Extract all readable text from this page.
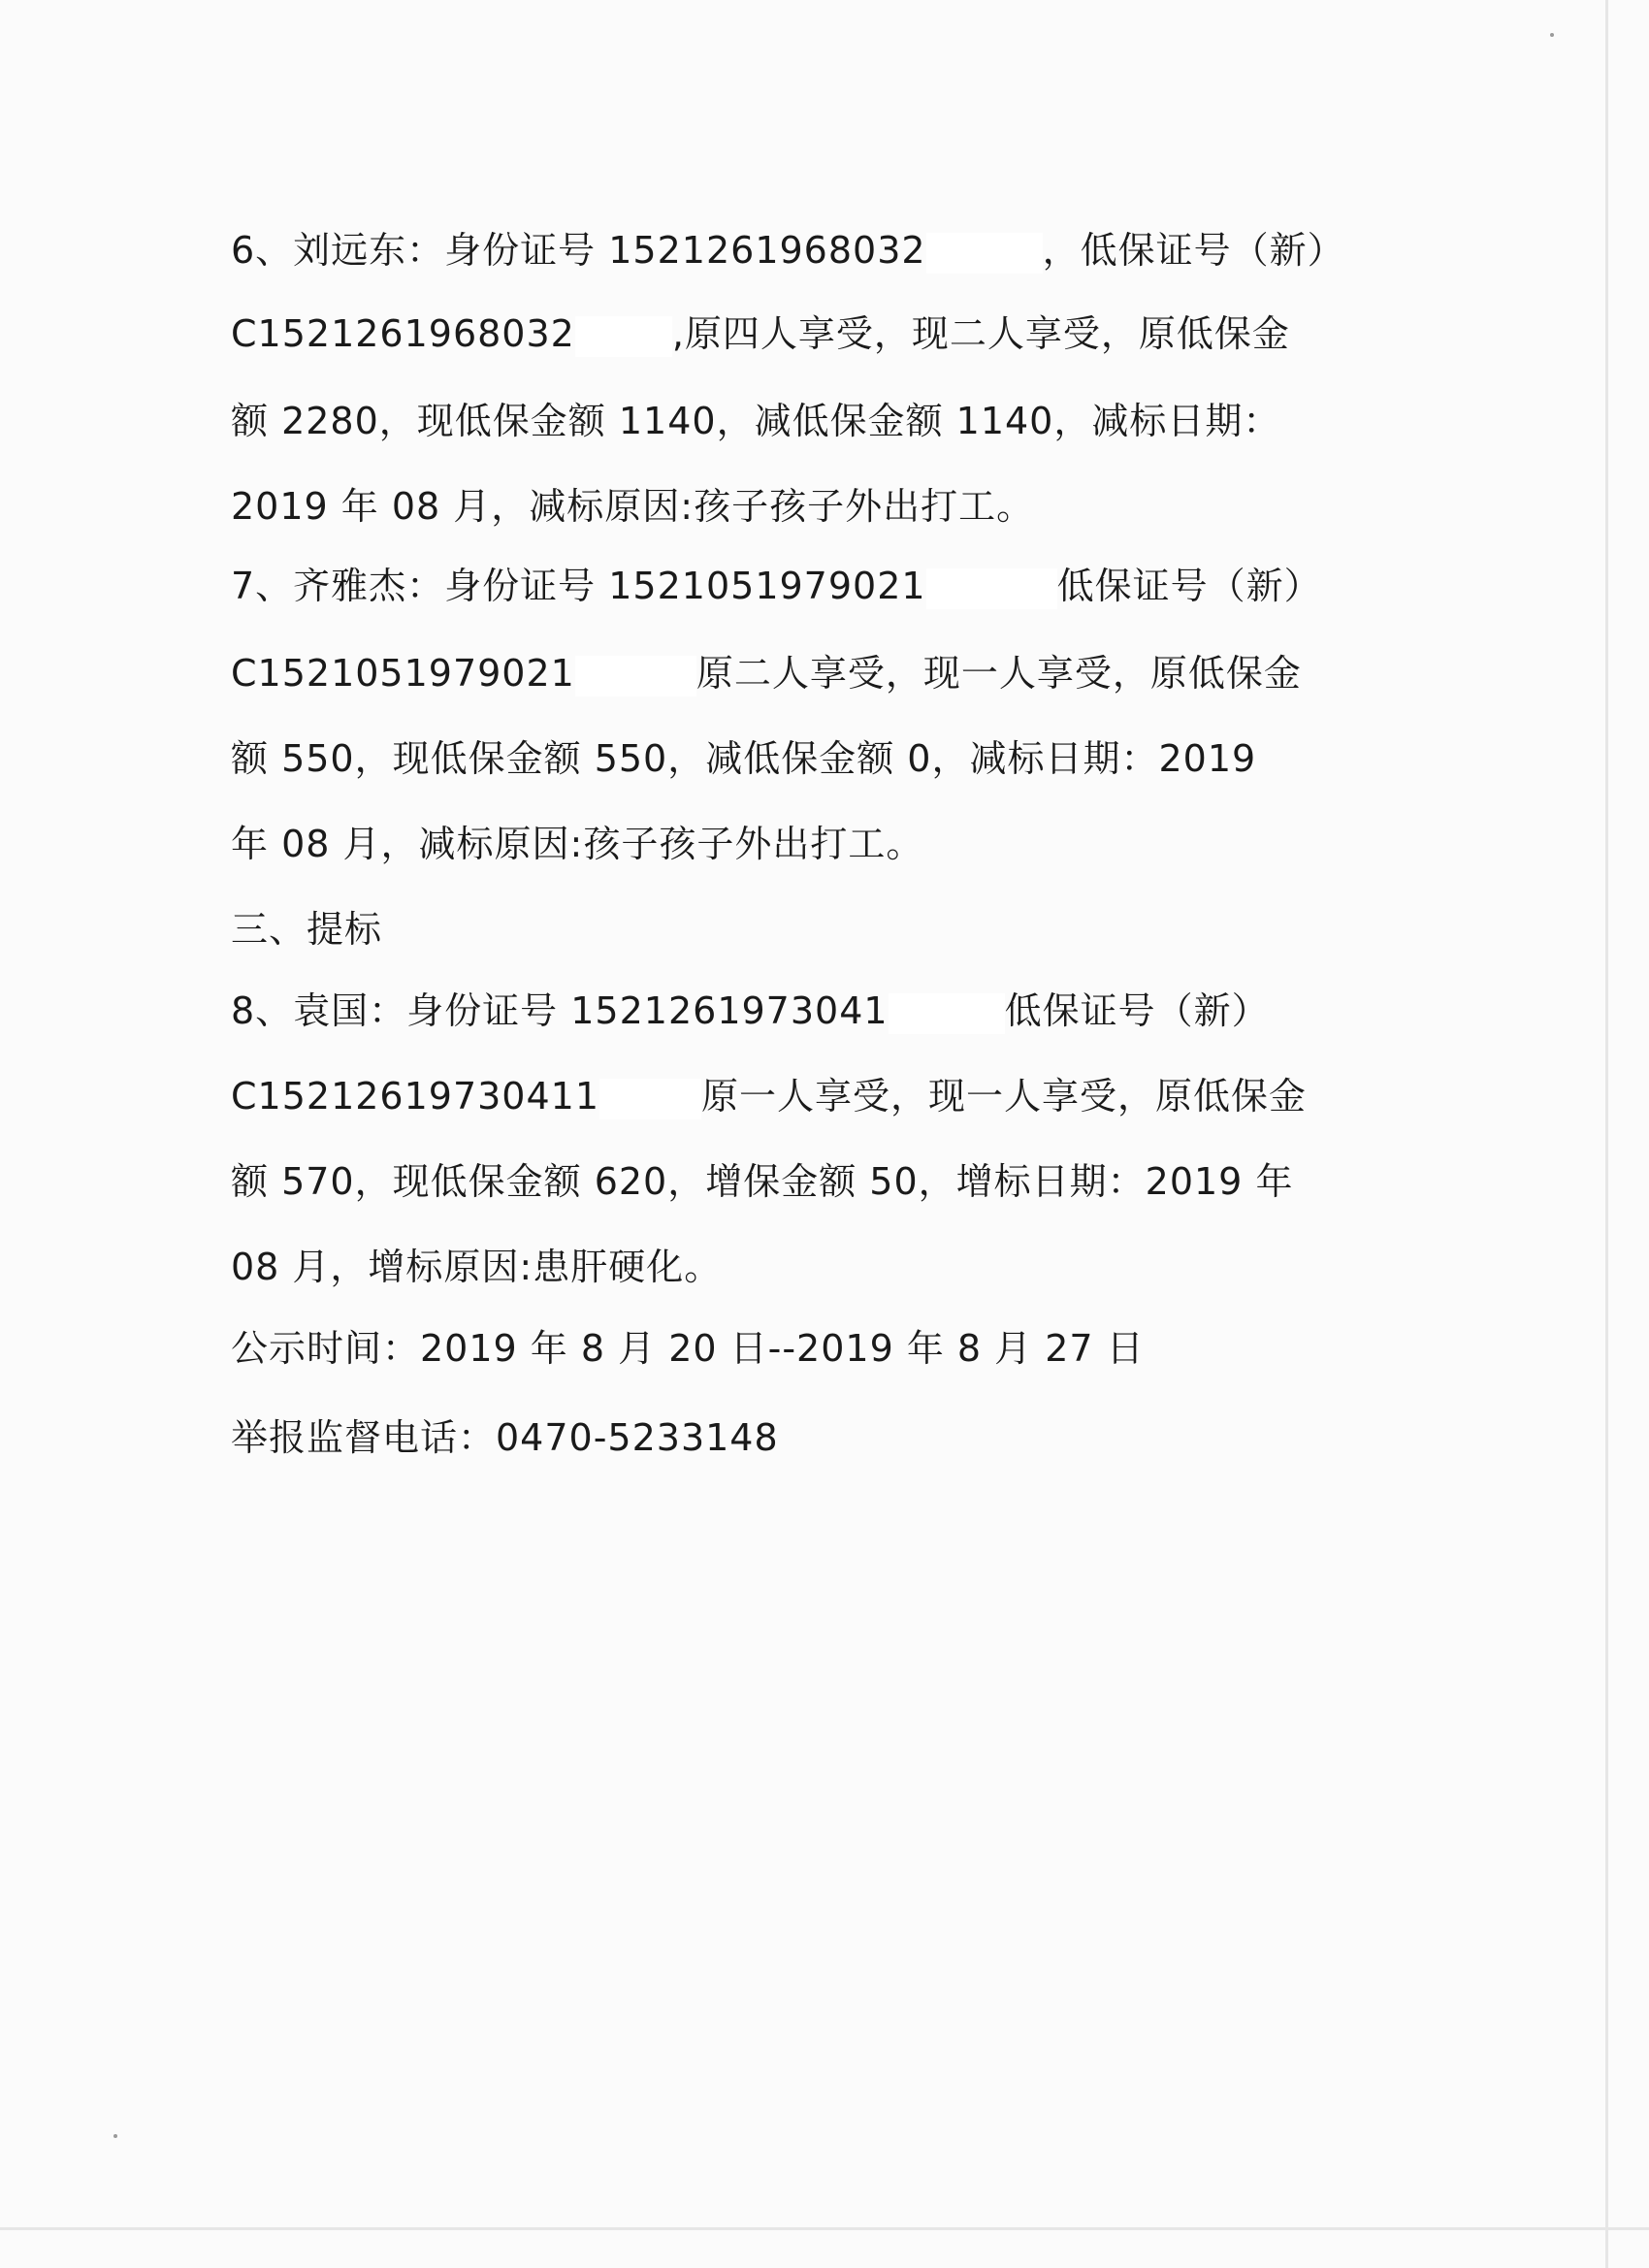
6、刘远东：身份证号 1521261968032	，低保证号（新）
C1521261968032	,原四人享受，现二人享受，原低保金
额 2280，现低保金额 1140，减低保金额 1140，减标日期：
2019 年 08 月，减标原因:孩子孩子外出打工。
7、齐雅杰：身份证号 1521051979021	低保证号（新）
C1521051979021	原二人享受，现一人享受，原低保金
额 550，现低保金额 550，减低保金额 0，减标日期：2019
年 08 月，减标原因:孩子孩子外出打工。
三、提标
8、袁国：身份证号 1521261973041	低保证号（新）
C15212619730411	原一人享受，现一人享受，原低保金
额 570，现低保金额 620，增保金额 50，增标日期：2019 年
08 月，增标原因:患肝硬化。
公示时间：2019 年 8 月 20 日--2019 年 8 月 27 日
举报监督电话：0470-5233148
